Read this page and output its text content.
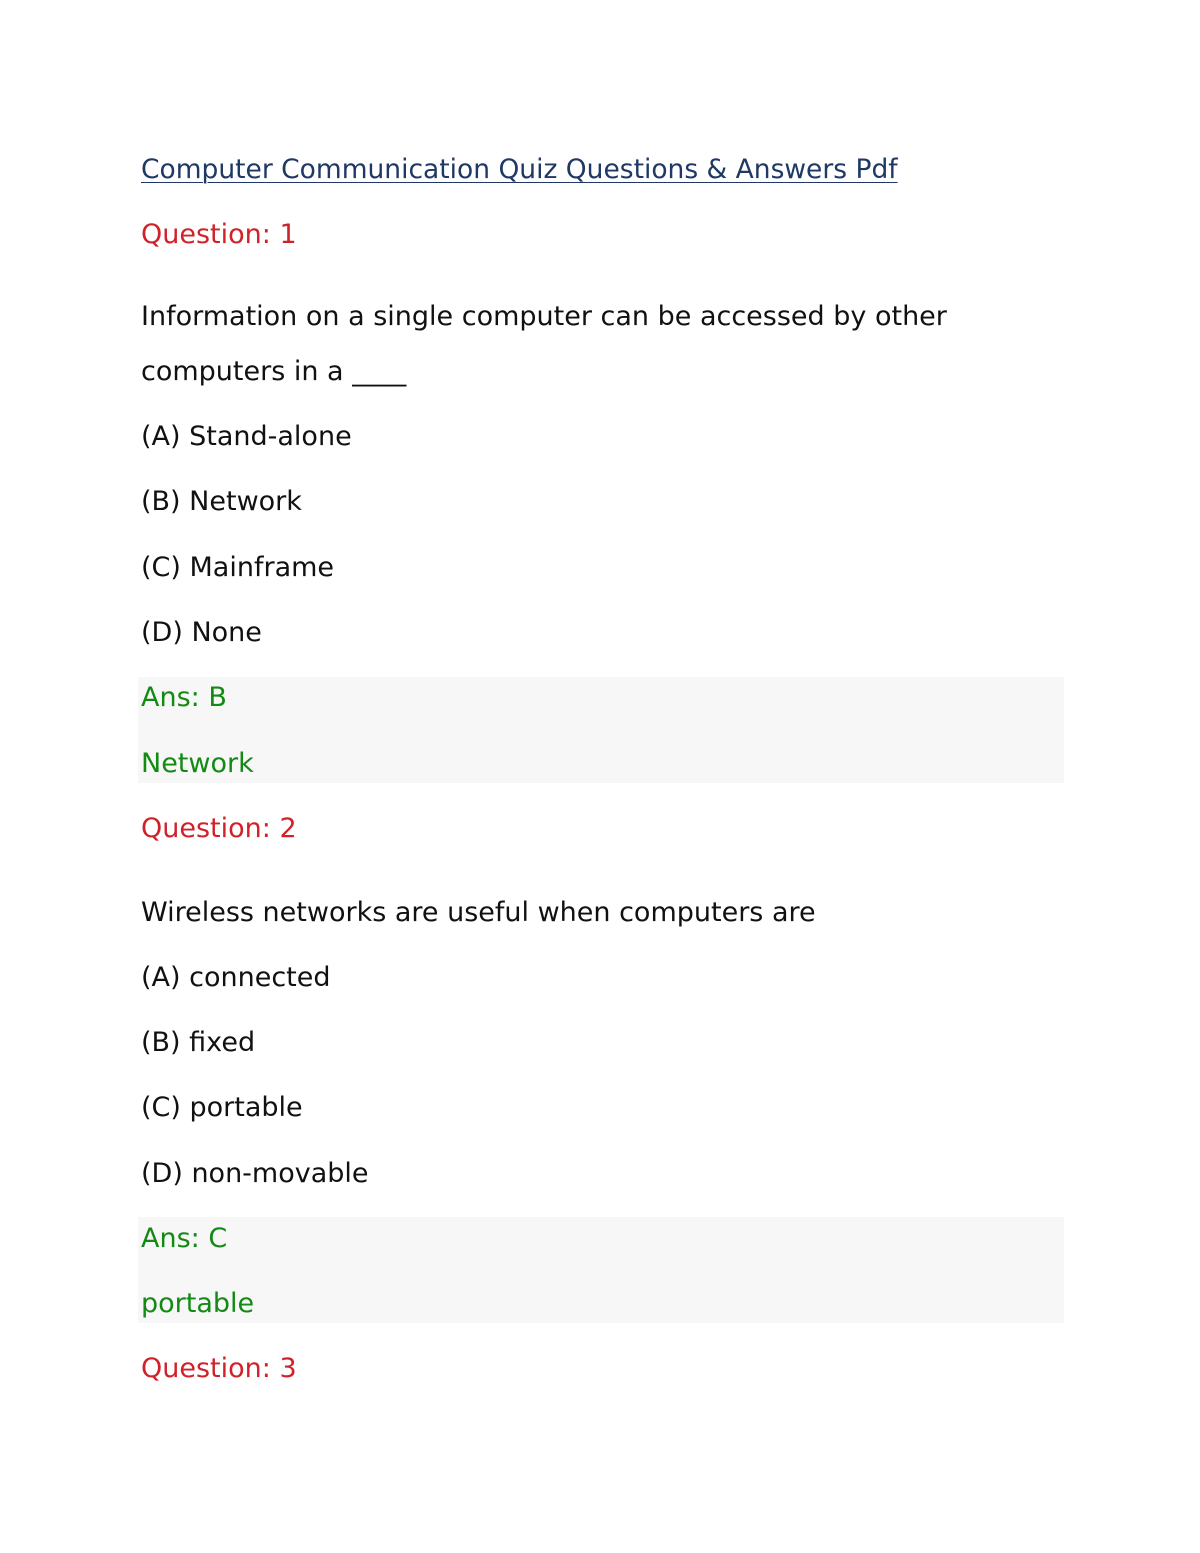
Computer Communication Quiz Questions & Answers Pdf
Question: 1
Information on a single computer can be accessed by other
computers in a ____
(A) Stand-alone
(B) Network
(C) Mainframe
(D) None
Ans: B
Network
Question: 2
Wireless networks are useful when computers are
(A) connected
(B) fixed
(C) portable
(D) non-movable
Ans: C
portable
Question: 3
